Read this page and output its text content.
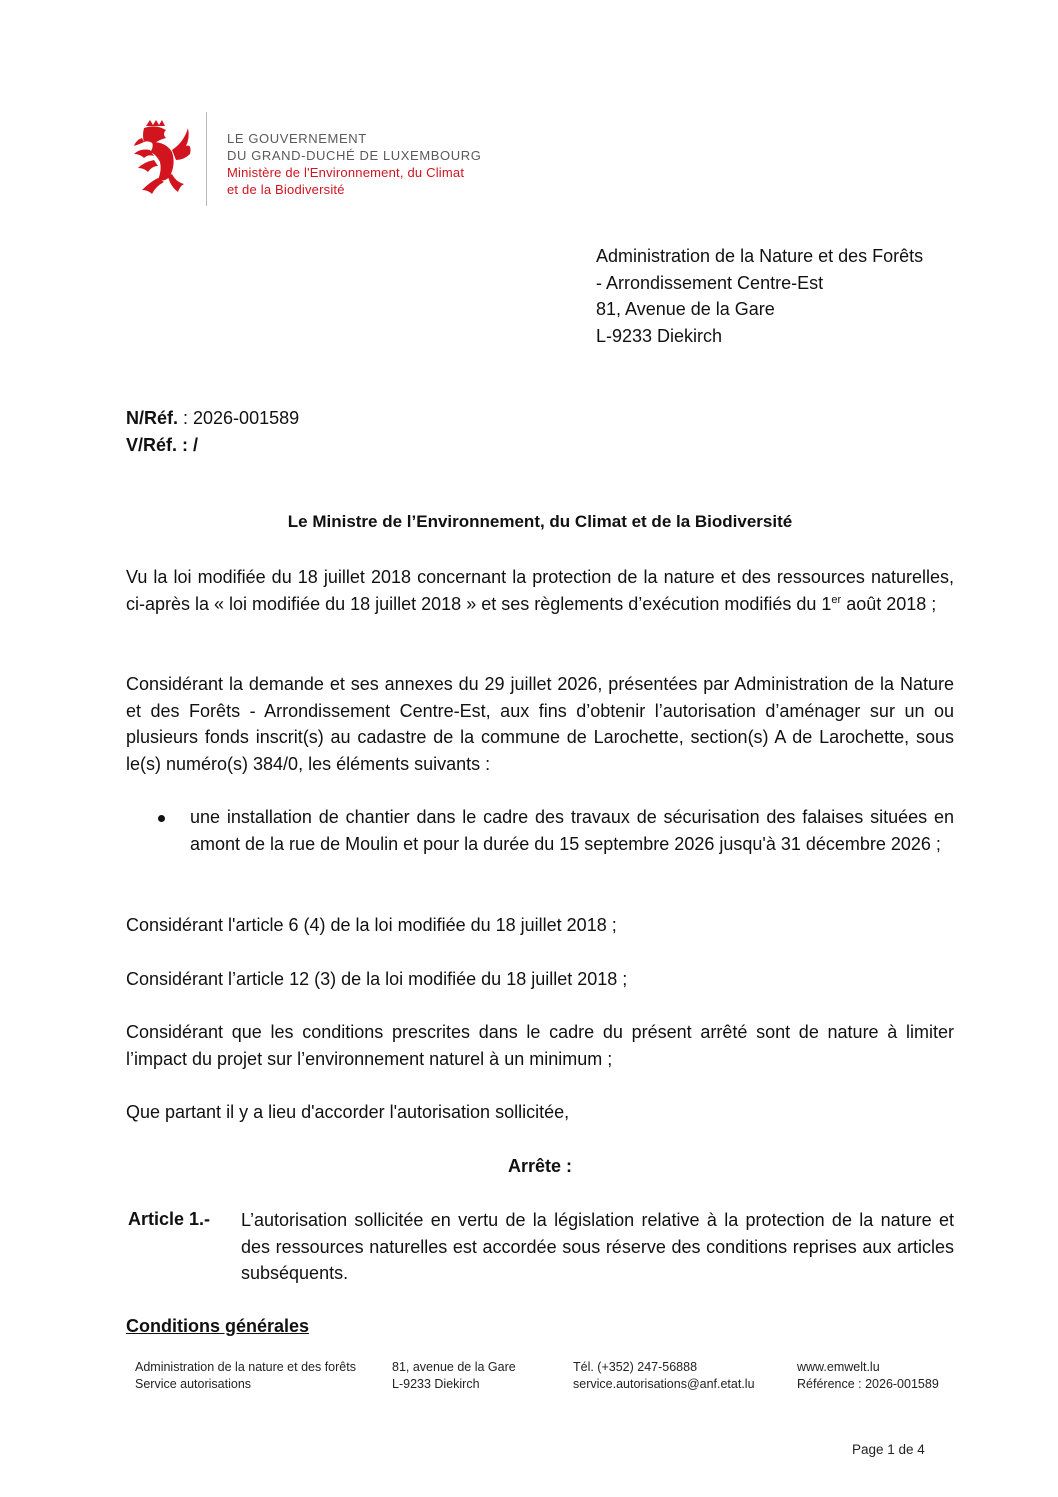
LE GOUVERNEMENT
DU GRAND-DUCHÉ DE LUXEMBOURG
Ministère de l'Environnement, du Climat
et de la Biodiversité
Administration de la Nature et des Forêts
- Arrondissement Centre-Est
81, Avenue de la Gare
L-9233 Diekirch
N/Réf. : 2026-001589
V/Réf. : /
Le Ministre de l’Environnement, du Climat et de la Biodiversité
Vu la loi modifiée du 18 juillet 2018 concernant la protection de la nature et des ressources naturelles, ci-après la « loi modifiée du 18 juillet 2018 » et ses règlements d’exécution modifiés du 1er août 2018 ;
Considérant la demande et ses annexes du 29 juillet 2026, présentées par Administration de la Nature et des Forêts - Arrondissement Centre-Est, aux fins d’obtenir l’autorisation d’aménager sur un ou plusieurs fonds inscrit(s) au cadastre de la commune de Larochette, section(s) A de Larochette, sous le(s) numéro(s) 384/0, les éléments suivants :
une installation de chantier dans le cadre des travaux de sécurisation des falaises situées en amont de la rue de Moulin et pour la durée du 15 septembre 2026 jusqu'à 31 décembre 2026 ;
Considérant l'article 6 (4) de la loi modifiée du 18 juillet 2018 ;
Considérant l’article 12 (3) de la loi modifiée du 18 juillet 2018 ;
Considérant que les conditions prescrites dans le cadre du présent arrêté sont de nature à limiter l’impact du projet sur l’environnement naturel à un minimum ;
Que partant il y a lieu d'accorder l'autorisation sollicitée,
Arrête :
Article 1.- L’autorisation sollicitée en vertu de la législation relative à la protection de la nature et des ressources naturelles est accordée sous réserve des conditions reprises aux articles subséquents.
Conditions générales
Administration de la nature et des forêts
Service autorisations
81, avenue de la Gare
L-9233 Diekirch
Tél. (+352) 247-56888
service.autorisations@anf.etat.lu
www.emwelt.lu
Référence : 2026-001589
Page 1 de 4
